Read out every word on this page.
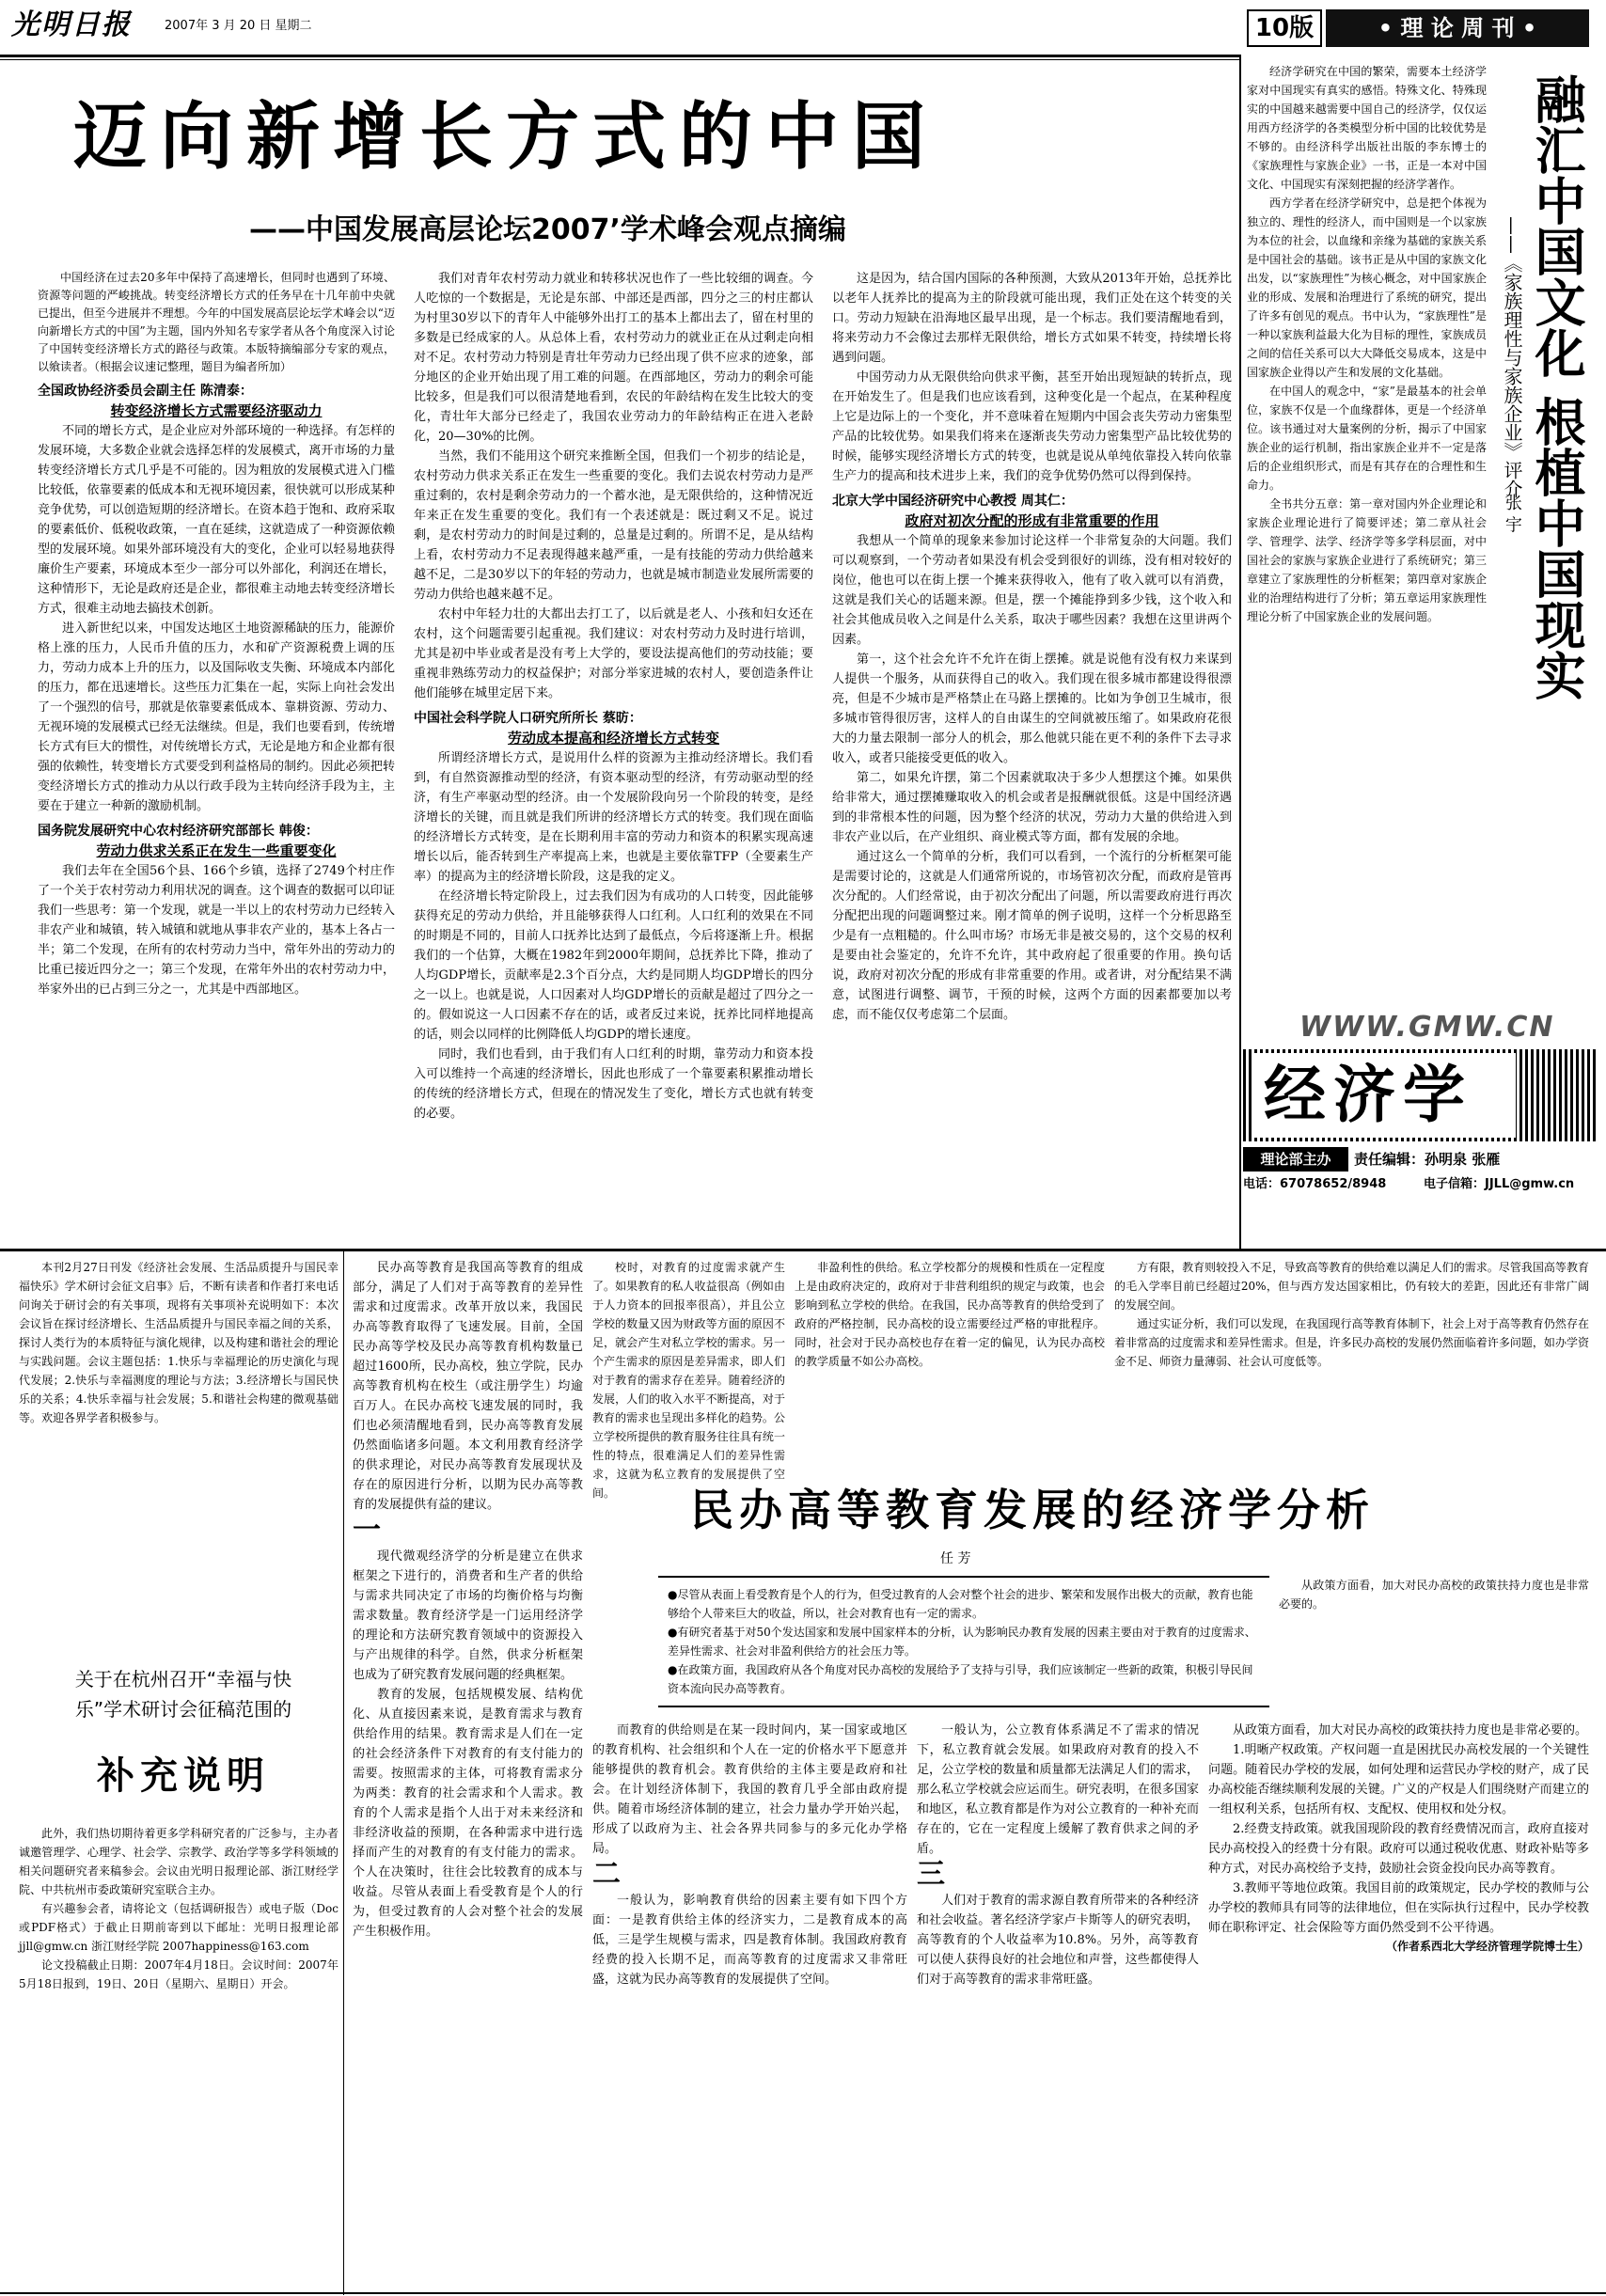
光明日报	2007年 3 月 20 日 星期二	10版	• 理 论 周 刊 •
迈向新增长方式的中国
——中国发展高层论坛2007’学术峰会观点摘编

中国经济在过去20多年中保持了高速增长，但同时也遇到了环境、资源等问题的严峻挑战。转变经济增长方式的任务早在十几年前中央就已提出，但至今进展并不理想。今年的中国发展高层论坛学术峰会以“迈向新增长方式的中国”为主题，国内外知名专家学者从各个角度深入讨论了中国转变经济增长方式的路径与政策。本版特摘编部分专家的观点，以飨读者。（根据会议速记整理，题目为编者所加）

全国政协经济委员会副主任 陈清泰：
转变经济增长方式需要经济驱动力

不同的增长方式，是企业应对外部环境的一种选择。有怎样的发展环境，大多数企业就会选择怎样的发展模式，离开市场的力量转变经济增长方式几乎是不可能的。因为粗放的发展模式进入门槛比较低，依靠要素的低成本和无视环境因素，很快就可以形成某种竞争优势，可以创造短期的经济增长。在资本趋于饱和、政府采取的要素低价、低税收政策，一直在延续，这就造成了一种资源依赖型的发展环境。如果外部环境没有大的变化，企业可以轻易地获得廉价生产要素，环境成本至少一部分可以外部化，利润还在增长，这种情形下，无论是政府还是企业，都很难主动地去转变经济增长方式，很难主动地去搞技术创新。

进入新世纪以来，中国发达地区土地资源稀缺的压力，能源价格上涨的压力，人民币升值的压力，水和矿产资源税费上调的压力，劳动力成本上升的压力，以及国际收支失衡、环境成本内部化的压力，都在迅速增长。这些压力汇集在一起，实际上向社会发出了一个强烈的信号，那就是依靠要素低成本、靠耕资源、劳动力、无视环境的发展模式已经无法继续。但是，我们也要看到，传统增长方式有巨大的惯性，对传统增长方式，无论是地方和企业都有很强的依赖性，转变增长方式要受到利益格局的制约。因此必须把转变经济增长方式的推动力从以行政手段为主转向经济手段为主，主要在于建立一种新的激励机制。

国务院发展研究中心农村经济研究部部长 韩俊：
劳动力供求关系正在发生一些重要变化

我们去年在全国56个县、166个乡镇，选择了2749个村庄作了一个关于农村劳动力利用状况的调查。这个调查的数据可以印证我们一些思考：第一个发现，就是一半以上的农村劳动力已经转入非农产业和城镇，转入城镇和就地从事非农产业的，基本上各占一半；第二个发现，在所有的农村劳动力当中，常年外出的劳动力的比重已接近四分之一；第三个发现，在常年外出的农村劳动力中，举家外出的已占到三分之一，尤其是中西部地区。

我们对青年农村劳动力就业和转移状况也作了一些比较细的调查。今人吃惊的一个数据是，无论是东部、中部还是西部，四分之三的村庄都认为村里30岁以下的青年人中能够外出打工的基本上都出去了，留在村里的多数是已经成家的人。从总体上看，农村劳动力的就业正在从过剩走向相对不足。农村劳动力特别是青壮年劳动力已经出现了供不应求的迹象，部分地区的企业开始出现了用工难的问题。在西部地区，劳动力的剩余可能比较多，但是我们可以很清楚地看到，农民的年龄结构在发生比较大的变化，青壮年大部分已经走了，我国农业劳动力的年龄结构正在进入老龄化，20—30%的比例。

当然，我们不能用这个研究来推断全国，但我们一个初步的结论是，农村劳动力供求关系正在发生一些重要的变化。我们去说农村劳动力是严重过剩的，农村是剩余劳动力的一个蓄水池，是无限供给的，这种情况近年来正在发生重要的变化。我们有一个表述就是：既过剩又不足。说过剩，是农村劳动力的时间是过剩的，总量是过剩的。所谓不足，是从结构上看，农村劳动力不足表现得越来越严重，一是有技能的劳动力供给越来越不足，二是30岁以下的年轻的劳动力，也就是城市制造业发展所需要的劳动力供给也越来越不足。

农村中年轻力壮的大都出去打工了，以后就是老人、小孩和妇女还在农村，这个问题需要引起重视。我们建议：对农村劳动力及时进行培训，尤其是初中毕业或者是没有考上大学的，要设法提高他们的劳动技能；要重视非熟练劳动力的权益保护；对部分举家进城的农村人，要创造条件让他们能够在城里定居下来。

中国社会科学院人口研究所所长 蔡昉：
劳动成本提高和经济增长方式转变

所谓经济增长方式，是说用什么样的资源为主推动经济增长。我们看到，有自然资源推动型的经济，有资本驱动型的经济，有劳动驱动型的经济，有生产率驱动型的经济。由一个发展阶段向另一个阶段的转变，是经济增长的关键，而且就是我们所讲的经济增长方式的转变。我们现在面临的经济增长方式转变，是在长期利用丰富的劳动力和资本的积累实现高速增长以后，能否转到生产率提高上来，也就是主要依靠TFP（全要素生产率）的提高为主的经济增长阶段，这是我的定义。

在经济增长特定阶段上，过去我们因为有成功的人口转变，因此能够获得充足的劳动力供给，并且能够获得人口红利。人口红利的效果在不同的时期是不同的，目前人口抚养比达到了最低点，今后将逐渐上升。根据我们的一个估算，大概在1982年到2000年期间，总抚养比下降，推动了人均GDP增长，贡献率是2.3个百分点，大约是同期人均GDP增长的四分之一以上。也就是说，人口因素对人均GDP增长的贡献是超过了四分之一的。假如说这一人口因素不存在的话，或者反过来说，抚养比同样地提高的话，则会以同样的比例降低人均GDP的增长速度。

同时，我们也看到，由于我们有人口红利的时期，靠劳动力和资本投入可以维持一个高速的经济增长，因此也形成了一个靠要素积累推动增长的传统的经济增长方式，但现在的情况发生了变化，增长方式也就有转变的必要。

这是因为，结合国内国际的各种预测，大致从2013年开始，总抚养比以老年人抚养比的提高为主的阶段就可能出现，我们正处在这个转变的关口。劳动力短缺在沿海地区最早出现，是一个标志。我们要清醒地看到，将来劳动力不会像过去那样无限供给，增长方式如果不转变，持续增长将遇到问题。

中国劳动力从无限供给向供求平衡，甚至开始出现短缺的转折点，现在开始发生了。但是我们也应该看到，这种变化是一个起点，在某种程度上它是边际上的一个变化，并不意味着在短期内中国会丧失劳动力密集型产品的比较优势。如果我们将来在逐渐丧失劳动力密集型产品比较优势的时候，能够实现经济增长方式的转变，也就是说从单纯依靠投入转向依靠生产力的提高和技术进步上来，我们的竞争优势仍然可以得到保持。

北京大学中国经济研究中心教授 周其仁：
政府对初次分配的形成有非常重要的作用

我想从一个简单的现象来参加讨论这样一个非常复杂的大问题。我们可以观察到，一个劳动者如果没有机会受到很好的训练，没有相对较好的岗位，他也可以在街上摆一个摊来获得收入，他有了收入就可以有消费，这就是我们关心的话题来源。但是，摆一个摊能挣到多少钱，这个收入和社会其他成员收入之间是什么关系，取决于哪些因素？我想在这里讲两个因素。

第一，这个社会允许不允许在街上摆摊。就是说他有没有权力来谋到人提供一个服务，从而获得自己的收入。我们现在很多城市都建设得很漂亮，但是不少城市是严格禁止在马路上摆摊的。比如为争创卫生城市，很多城市管得很厉害，这样人的自由谋生的空间就被压缩了。如果政府花很大的力量去限制一部分人的机会，那么他就只能在更不利的条件下去寻求收入，或者只能接受更低的收入。

第二，如果允许摆，第二个因素就取决于多少人想摆这个摊。如果供给非常大，通过摆摊赚取收入的机会或者是报酬就很低。这是中国经济遇到的非常根本性的问题，因为整个经济的状况，劳动力大量的供给进入到非农产业以后，在产业组织、商业模式等方面，都有发展的余地。

通过这么一个简单的分析，我们可以看到，一个流行的分析框架可能是需要讨论的，这就是人们通常所说的，市场管初次分配，而政府是管再次分配的。人们经常说，由于初次分配出了问题，所以需要政府进行再次分配把出现的问题调整过来。刚才简单的例子说明，这样一个分析思路至少是有一点粗糙的。什么叫市场？市场无非是被交易的，这个交易的权利是要由社会鉴定的，允许不允许，其中政府起了很重要的作用。换句话说，政府对初次分配的形成有非常重要的作用。或者讲，对分配结果不满意，试图进行调整、调节，干预的时候，这两个方面的因素都要加以考虑，而不能仅仅考虑第二个层面。

经济学研究在中国的繁荣，需要本土经济学家对中国现实有真实的感悟。特殊文化、特殊现实的中国越来越需要中国自己的经济学，仅仅运用西方经济学的各类模型分析中国的比较优势是不够的。由经济科学出版社出版的李东博士的《家族理性与家族企业》一书，正是一本对中国文化、中国现实有深刻把握的经济学著作。

西方学者在经济学研究中，总是把个体视为独立的、理性的经济人，而中国则是一个以家族为本位的社会，以血缘和亲缘为基础的家族关系是中国社会的基础。该书正是从中国的家族文化出发，以“家族理性”为核心概念，对中国家族企业的形成、发展和治理进行了系统的研究，提出了许多有创见的观点。书中认为，“家族理性”是一种以家族利益最大化为目标的理性，家族成员之间的信任关系可以大大降低交易成本，这是中国家族企业得以产生和发展的文化基础。

在中国人的观念中，“家”是最基本的社会单位，家族不仅是一个血缘群体，更是一个经济单位。该书通过对大量案例的分析，揭示了中国家族企业的运行机制，指出家族企业并不一定是落后的企业组织形式，而是有其存在的合理性和生命力。

全书共分五章：第一章对国内外企业理论和家族企业理论进行了简要评述；第二章从社会学、管理学、法学、经济学等多学科层面，对中国社会的家族与家族企业进行了系统研究；第三章建立了家族理性的分析框架；第四章对家族企业的治理结构进行了分析；第五章运用家族理性理论分析了中国家族企业的发展问题。	融汇中国文化 根植中国现实
——《家族理性与家族企业》评介
张 宇
WWW.GMW.CN
经济学
理论部主办	责任编辑：孙明泉 张雁
电话：67078652/8948	电子信箱：JJLL@gmw.cn

本刊2月27日刊发《经济社会发展、生活品质提升与国民幸福快乐》学术研讨会征文启事》后，不断有读者和作者打来电话问询关于研讨会的有关事项，现将有关事项补充说明如下：本次会议旨在探讨经济增长、生活品质提升与国民幸福之间的关系，探讨人类行为的本质特征与演化规律，以及构建和谐社会的理论与实践问题。会议主题包括：1.快乐与幸福理论的历史演化与现代发展；2.快乐与幸福测度的理论与方法；3.经济增长与国民快乐的关系；4.快乐幸福与社会发展；5.和谐社会构建的微观基础等。欢迎各界学者积极参与。

关于在杭州召开“幸福与快乐”学术研讨会征稿范围的
补充说明

此外，我们热切期待着更多学科研究者的广泛参与，主办者诚邀管理学、心理学、社会学、宗教学、政治学等多学科领域的相关问题研究者来稿参会。会议由光明日报理论部、浙江财经学院、中共杭州市委政策研究室联合主办。

有兴趣参会者，请将论文（包括调研报告）或电子版（Doc或PDF格式）于截止日期前寄到以下邮址：光明日报理论部 jjll@gmw.cn 浙江财经学院 2007happiness@163.com

论文投稿截止日期：2007年4月18日。会议时间：2007年5月18日报到，19日、20日（星期六、星期日）开会。

民办高等教育是我国高等教育的组成部分，满足了人们对于高等教育的差异性需求和过度需求。改革开放以来，我国民办高等教育取得了飞速发展。目前，全国民办高等学校及民办高等教育机构数量已超过1600所，民办高校，独立学院，民办高等教育机构在校生（或注册学生）均逾百万人。在民办高校飞速发展的同时，我们也必须清醒地看到，民办高等教育发展仍然面临诸多问题。本文利用教育经济学的供求理论，对民办高等教育发展现状及存在的原因进行分析，以期为民办高等教育的发展提供有益的建议。

一

现代微观经济学的分析是建立在供求框架之下进行的，消费者和生产者的供给与需求共同决定了市场的均衡价格与均衡需求数量。教育经济学是一门运用经济学的理论和方法研究教育领域中的资源投入与产出规律的科学。自然，供求分析框架也成为了研究教育发展问题的经典框架。

教育的发展，包括规模发展、结构优化、从直接因素来说，是教育需求与教育供给作用的结果。教育需求是人们在一定的社会经济条件下对教育的有支付能力的需要。按照需求的主体，可将教育需求分为两类：教育的社会需求和个人需求。教育的个人需求是指个人出于对未来经济和非经济收益的预期，在各种需求中进行选择而产生的对教育的有支付能力的需求。个人在决策时，往往会比较教育的成本与收益。尽管从表面上看受教育是个人的行为，但受过教育的人会对整个社会的发展产生积极作用。

民办高等教育发展的经济学分析
任 芳
●尽管从表面上看受教育是个人的行为，但受过教育的人会对整个社会的进步、繁荣和发展作出极大的贡献，教育也能够给个人带来巨大的收益，所以，社会对教育也有一定的需求。
●有研究者基于对50个发达国家和发展中国家样本的分析，认为影响民办教育发展的因素主要由对于教育的过度需求、差异性需求、社会对非盈利供给方的社会压力等。
●在政策方面，我国政府从各个角度对民办高校的发展给予了支持与引导，我们应该制定一些新的政策，积极引导民间资本流向民办高等教育。

校时，对教育的过度需求就产生了。如果教育的私人收益很高（例如由于人力资本的回报率很高），并且公立学校的数量又因为财政等方面的原因不足，就会产生对私立学校的需求。另一个产生需求的原因是差异需求，即人们对于教育的需求存在差异。随着经济的发展，人们的收入水平不断提高，对于教育的需求也呈现出多样化的趋势。公立学校所提供的教育服务往往具有统一性的特点，很难满足人们的差异性需求，这就为私立教育的发展提供了空间。

而教育的供给则是在某一段时间内，某一国家或地区的教育机构、社会组织和个人在一定的价格水平下愿意并能够提供的教育机会。教育供给的主体主要是政府和社会。在计划经济体制下，我国的教育几乎全部由政府提供。随着市场经济体制的建立，社会力量办学开始兴起，形成了以政府为主、社会各界共同参与的多元化办学格局。

二

一般认为，影响教育供给的因素主要有如下四个方面：一是教育供给主体的经济实力，二是教育成本的高低，三是学生规模与需求，四是教育体制。我国政府教育经费的投入长期不足，而高等教育的过度需求又非常旺盛，这就为民办高等教育的发展提供了空间。

非盈利性的供给。私立学校都分的规模和性质在一定程度上是由政府决定的，政府对于非营利组织的规定与政策，也会影响到私立学校的供给。在我国，民办高等教育的供给受到了政府的严格控制，民办高校的设立需要经过严格的审批程序。同时，社会对于民办高校也存在着一定的偏见，认为民办高校的教学质量不如公办高校。

一般认为，公立教育体系满足不了需求的情况下，私立教育就会发展。如果政府对教育的投入不足，公立学校的数量和质量都无法满足人们的需求，那么私立学校就会应运而生。研究表明，在很多国家和地区，私立教育都是作为对公立教育的一种补充而存在的，它在一定程度上缓解了教育供求之间的矛盾。

三

人们对于教育的需求源自教育所带来的各种经济和社会收益。著名经济学家卢卡斯等人的研究表明，高等教育的个人收益率为10.8%。另外，高等教育可以使人获得良好的社会地位和声誉，这些都使得人们对于高等教育的需求非常旺盛。

方有限，教育则较投入不足，导致高等教育的供给难以满足人们的需求。尽管我国高等教育的毛入学率目前已经超过20%，但与西方发达国家相比，仍有较大的差距，因此还有非常广阔的发展空间。

通过实证分析，我们可以发现，在我国现行高等教育体制下，社会上对于高等教育仍然存在着非常高的过度需求和差异性需求。但是，许多民办高校的发展仍然面临着许多问题，如办学资金不足、师资力量薄弱、社会认可度低等。

从政策方面看，加大对民办高校的政策扶持力度也是非常必要的。

1.明晰产权政策。产权问题一直是困扰民办高校发展的一个关键性问题。随着民办学校的发展，如何处理和运营民办学校的财产，成了民办高校能否继续顺利发展的关键。广义的产权是人们围绕财产而建立的一组权利关系，包括所有权、支配权、使用权和处分权。

2.经费支持政策。就我国现阶段的教育经费情况而言，政府直接对民办高校投入的经费十分有限。政府可以通过税收优惠、财政补贴等多种方式，对民办高校给予支持，鼓励社会资金投向民办高等教育。

3.教师平等地位政策。我国目前的政策规定，民办学校的教师与公办学校的教师具有同等的法律地位，但在实际执行过程中，民办学校教师在职称评定、社会保险等方面仍然受到不公平待遇。

（作者系西北大学经济管理学院博士生）

从政策方面看，加大对民办高校的政策扶持力度也是非常必要的。
